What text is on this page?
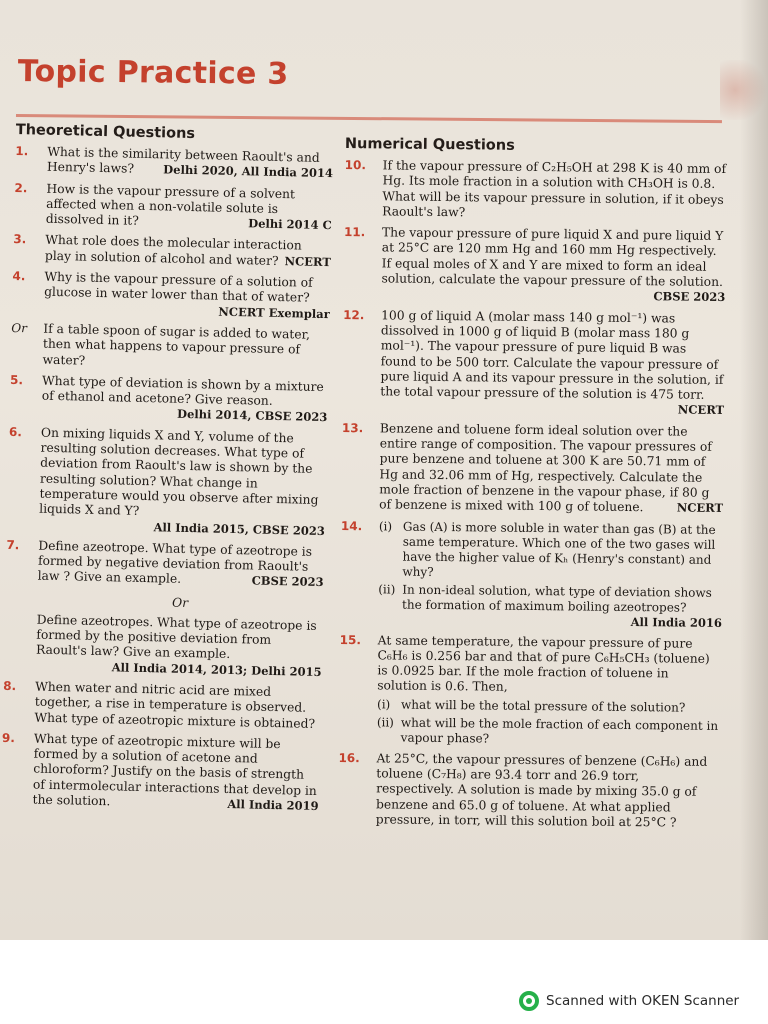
Topic Practice 3
Theoretical Questions
1. What is the similarity between Raoult's and Henry's laws?	Delhi 2020, All India 2014
2. How is the vapour pressure of a solvent affected when a non-volatile solute is dissolved in it?	Delhi 2014 C
3. What role does the molecular interaction play in solution of alcohol and water? NCERT
4. Why is the vapour pressure of a solution of glucose in water lower than that of water?
NCERT Exemplar
Or If a table spoon of sugar is added to water, then what happens to vapour pressure of water?
5. What type of deviation is shown by a mixture of ethanol and acetone? Give reason.
Delhi 2014, CBSE 2023
6. On mixing liquids X and Y, volume of the resulting solution decreases. What type of deviation from Raoult's law is shown by the resulting solution? What change in temperature would you observe after mixing liquids X and Y?
All India 2015, CBSE 2023
7. Define azeotrope. What type of azeotrope is formed by negative deviation from Raoult's law ? Give an example.	CBSE 2023
Or
Define azeotropes. What type of azeotrope is formed by the positive deviation from Raoult's law? Give an example.
All India 2014, 2013; Delhi 2015
8. When water and nitric acid are mixed together, a rise in temperature is observed. What type of azeotropic mixture is obtained?
9. What type of azeotropic mixture will be formed by a solution of acetone and chloroform? Justify on the basis of strength of intermolecular interactions that develop in the solution.	All India 2019
Numerical Questions
10. If the vapour pressure of C₂H₅OH at 298 K is 40 mm of Hg. Its mole fraction in a solution with CH₃OH is 0.8. What will be its vapour pressure in solution, if it obeys Raoult's law?
11. The vapour pressure of pure liquid X and pure liquid Y at 25°C are 120 mm Hg and 160 mm Hg respectively. If equal moles of X and Y are mixed to form an ideal solution, calculate the vapour pressure of the solution.
CBSE 2023
12. 100 g of liquid A (molar mass 140 g mol⁻¹) was dissolved in 1000 g of liquid B (molar mass 180 g mol⁻¹). The vapour pressure of pure liquid B was found to be 500 torr. Calculate the vapour pressure of pure liquid A and its vapour pressure in the solution, if the total vapour pressure of the solution is 475 torr.
NCERT
13. Benzene and toluene form ideal solution over the entire range of composition. The vapour pressures of pure benzene and toluene at 300 K are 50.71 mm of Hg and 32.06 mm of Hg, respectively. Calculate the mole fraction of benzene in the vapour phase, if 80 g of benzene is mixed with 100 g of toluene.	NCERT
14. (i) Gas (A) is more soluble in water than gas (B) at the same temperature. Which one of the two gases will have the higher value of Kₕ (Henry's constant) and why?
(ii) In non-ideal solution, what type of deviation shows the formation of maximum boiling azeotropes?
All India 2016
15. At same temperature, the vapour pressure of pure C₆H₆ is 0.256 bar and that of pure C₆H₅CH₃ (toluene) is 0.0925 bar. If the mole fraction of toluene in solution is 0.6. Then,
(i) what will be the total pressure of the solution?
(ii) what will be the mole fraction of each component in vapour phase?
16. At 25°C, the vapour pressures of benzene (C₆H₆) and toluene (C₇H₈) are 93.4 torr and 26.9 torr, respectively. A solution is made by mixing 35.0 g of benzene and 65.0 g of toluene. At what applied pressure, in torr, will this solution boil at 25°C ?
Scanned with OKEN Scanner
